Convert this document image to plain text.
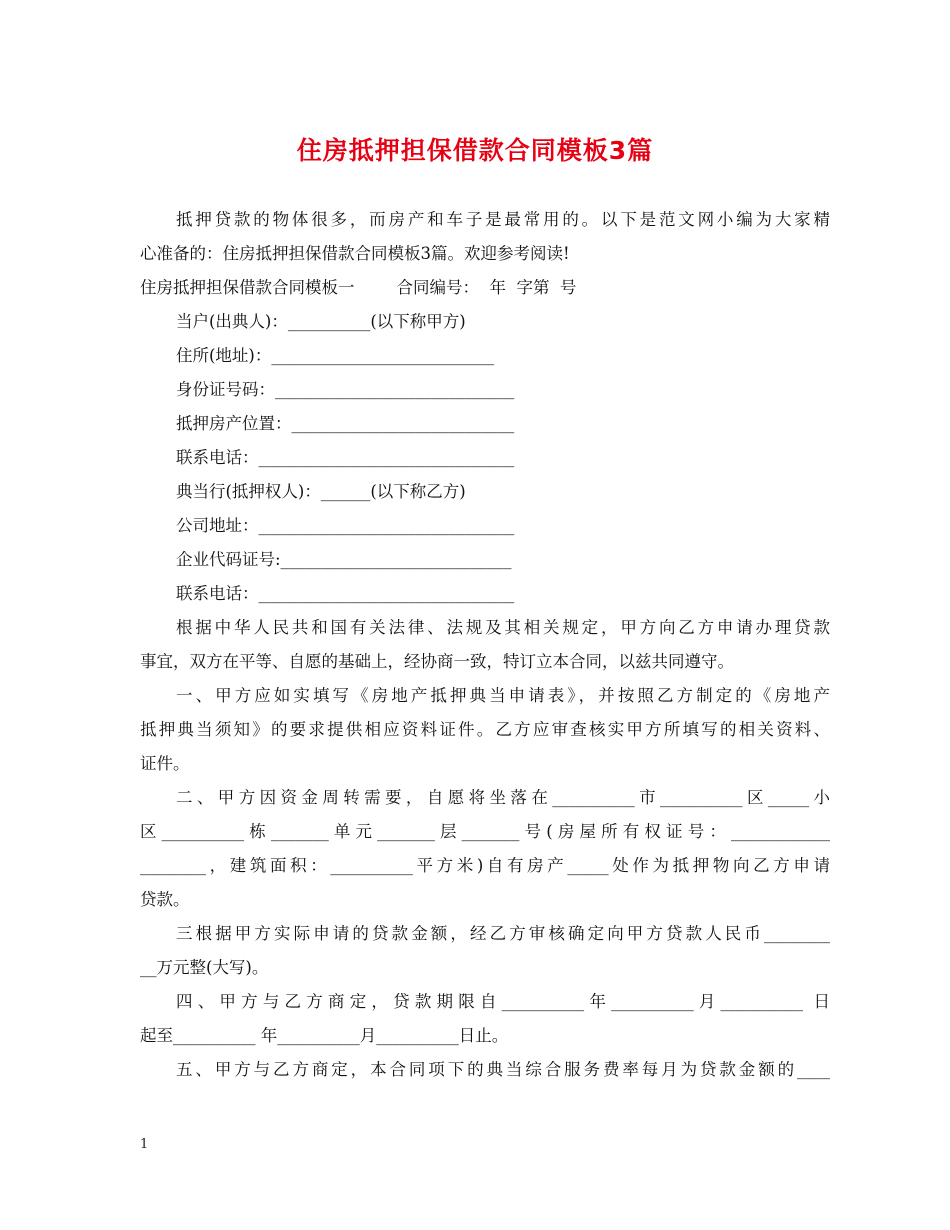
住房抵押担保借款合同模板3篇
抵押贷款的物体很多，而房产和车子是最常用的。以下是范文网小编为大家精
心准备的：住房抵押担保借款合同模板3篇。欢迎参考阅读!
住房抵押担保借款合同模板一        合同编号：  年  字第  号
当户(出典人)：__________(以下称甲方)
住所(地址)：___________________________
身份证号码：_____________________________
抵押房产位置：___________________________
联系电话：_______________________________
典当行(抵押权人)：______(以下称乙方)
公司地址：_______________________________
企业代码证号:____________________________
联系电话：_______________________________
根据中华人民共和国有关法律、法规及其相关规定，甲方向乙方申请办理贷款
事宜，双方在平等、自愿的基础上，经协商一致，特订立本合同，以兹共同遵守。
一、甲方应如实填写《房地产抵押典当申请表》，并按照乙方制定的《房地产
抵押典当须知》的要求提供相应资料证件。乙方应审查核实甲方所填写的相关资料、
证件。
二、甲方因资金周转需要，自愿将坐落在__________市__________区_____小
区__________栋_______单元_______层_______号(房屋所有权证号：____________
________，建筑面积：__________平方米)自有房产_____处作为抵押物向乙方申请
贷款。
三根据甲方实际申请的贷款金额，经乙方审核确定向甲方贷款人民币________
__万元整(大写)。
四、甲方与乙方商定，贷款期限自__________年__________月__________ 日
起至__________ 年__________月__________日止。
五、甲方与乙方商定，本合同项下的典当综合服务费率每月为贷款金额的____
1
